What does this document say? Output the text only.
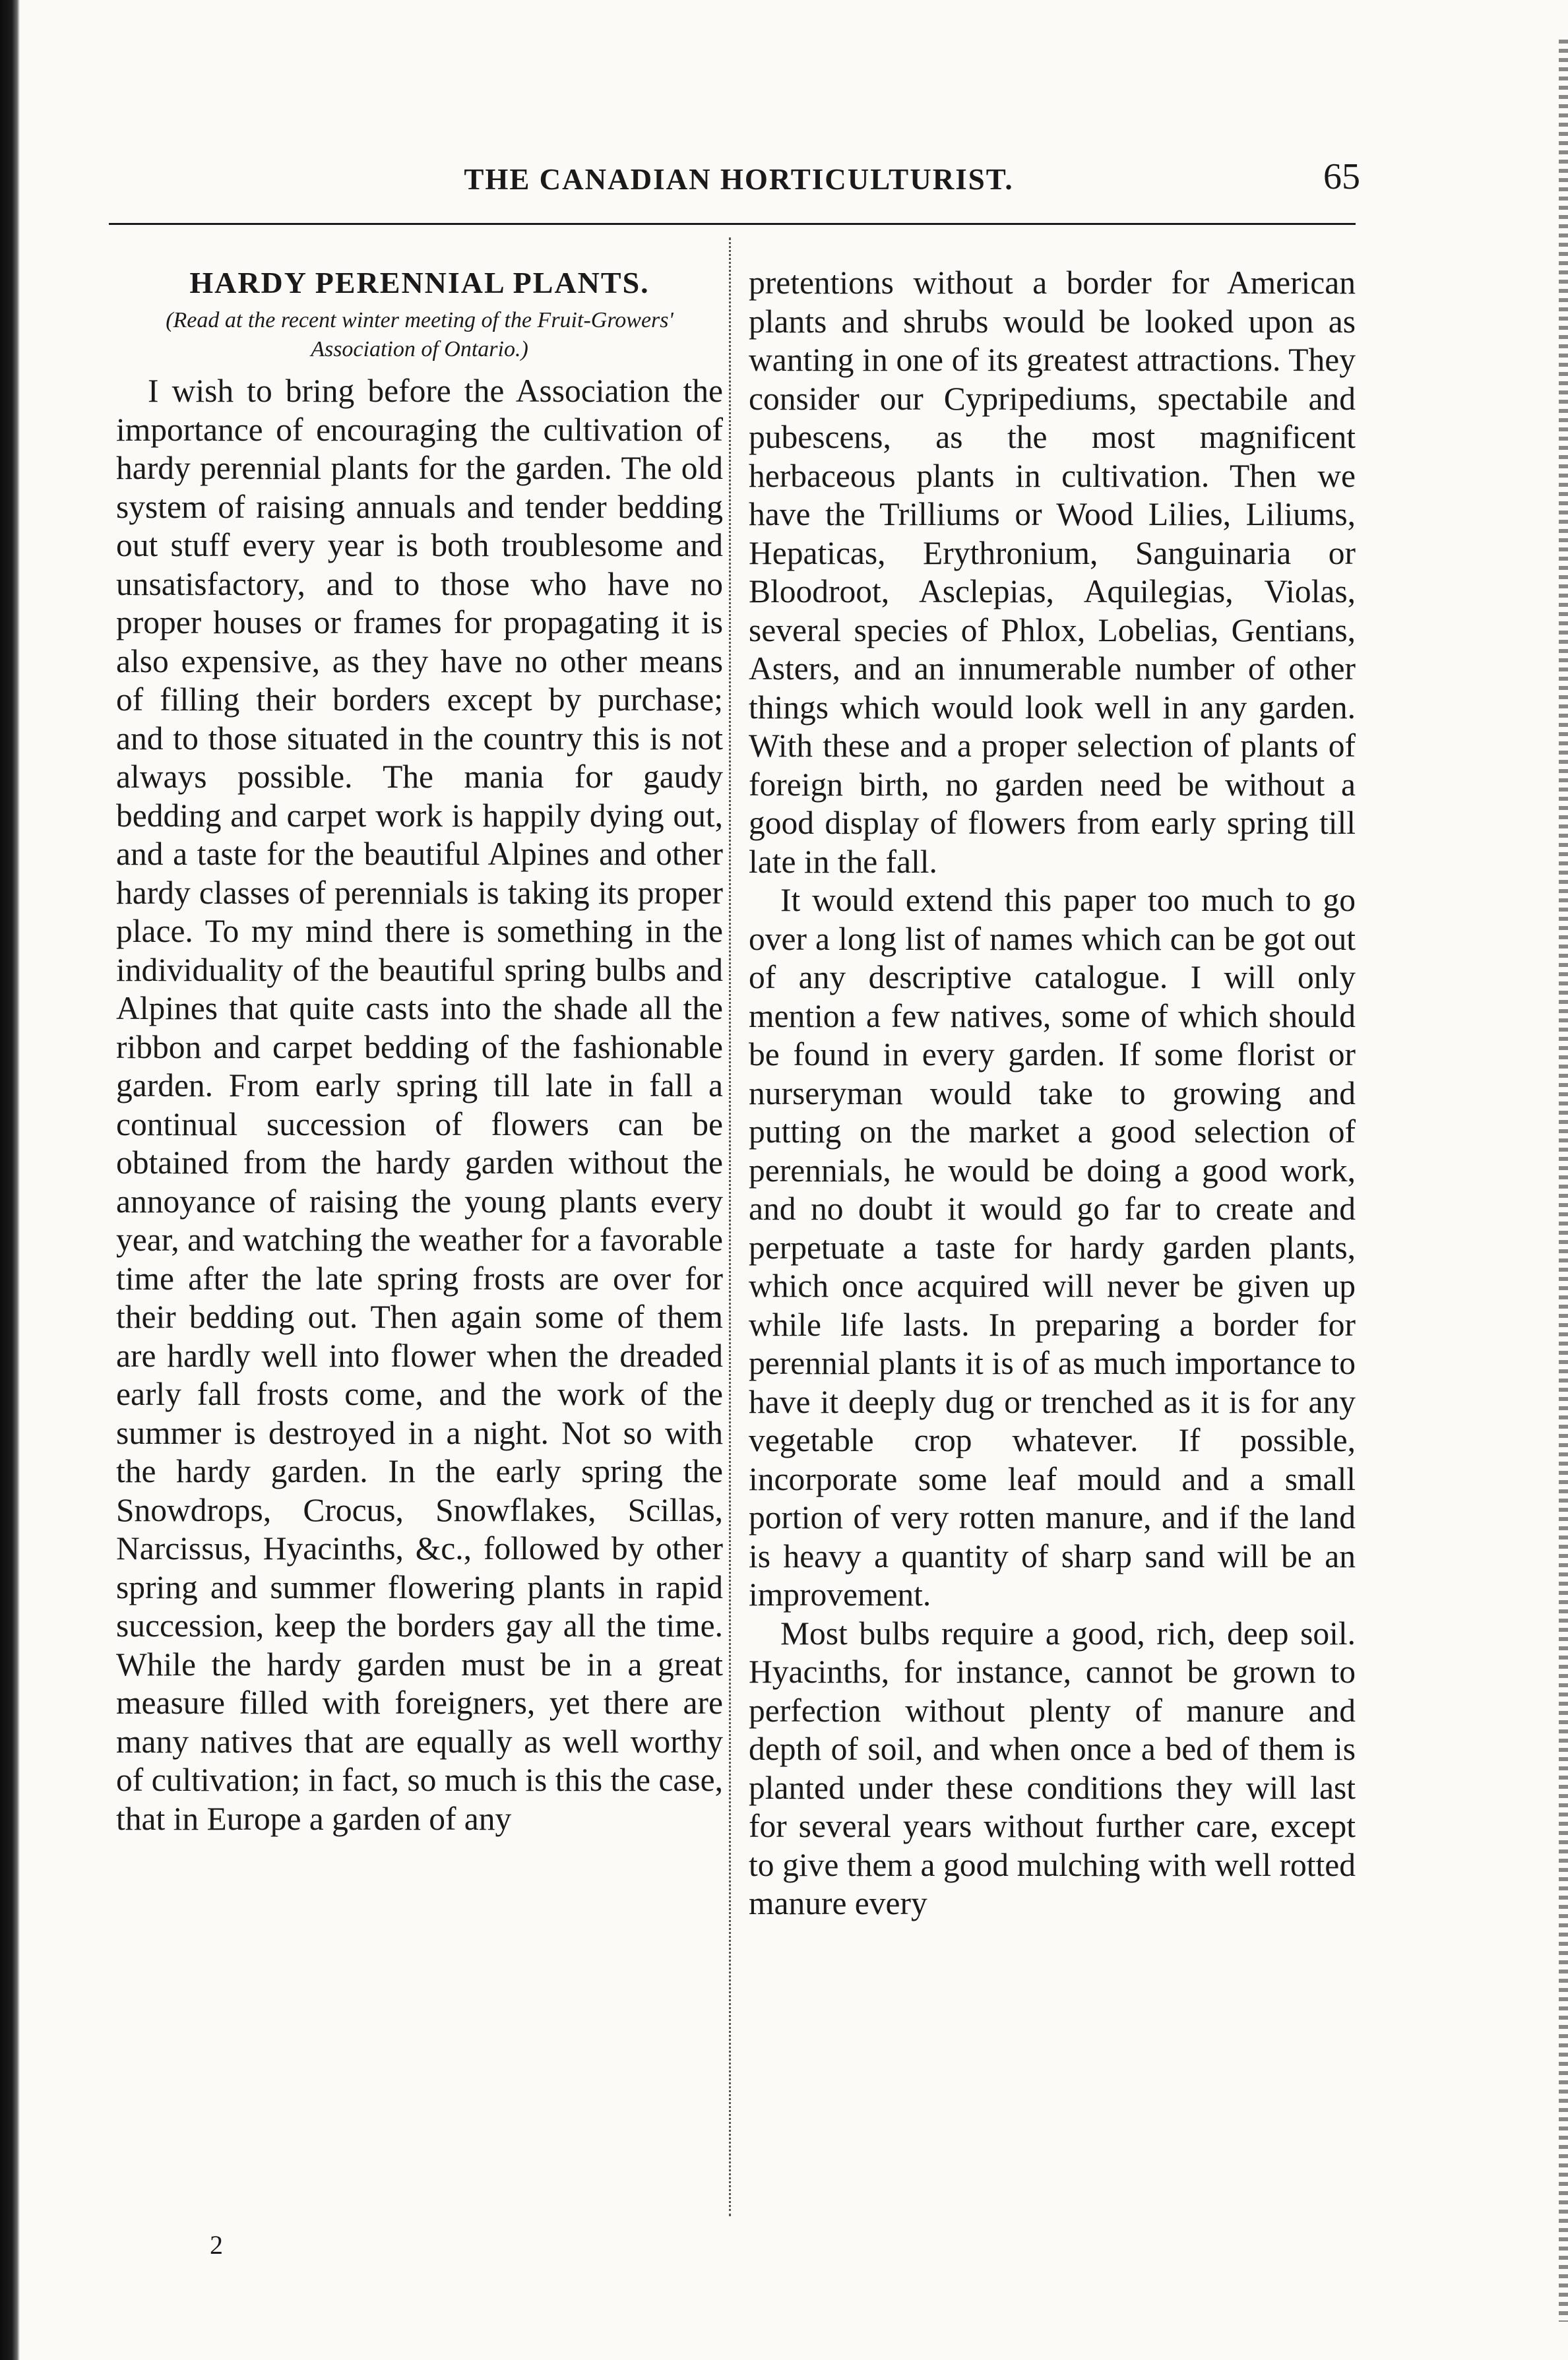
THE CANADIAN HORTICULTURIST.	65
HARDY PERENNIAL PLANTS.

(Read at the recent winter meeting of the Fruit-Growers' Association of Ontario.)

I wish to bring before the Association the importance of encouraging the cultivation of hardy perennial plants for the garden. The old system of raising annuals and tender bedding out stuff every year is both troublesome and unsatisfactory, and to those who have no proper houses or frames for propagating it is also expensive, as they have no other means of filling their borders except by purchase; and to those situated in the country this is not always possible. The mania for gaudy bedding and carpet work is happily dying out, and a taste for the beautiful Alpines and other hardy classes of perennials is taking its proper place. To my mind there is something in the individuality of the beautiful spring bulbs and Alpines that quite casts into the shade all the ribbon and carpet bedding of the fashionable garden. From early spring till late in fall a continual succession of flowers can be obtained from the hardy garden without the annoyance of raising the young plants every year, and watching the weather for a favorable time after the late spring frosts are over for their bedding out. Then again some of them are hardly well into flower when the dreaded early fall frosts come, and the work of the summer is destroyed in a night. Not so with the hardy garden. In the early spring the Snowdrops, Crocus, Snowflakes, Scillas, Narcissus, Hyacinths, &c., followed by other spring and summer flowering plants in rapid succession, keep the borders gay all the time. While the hardy garden must be in a great measure filled with foreigners, yet there are many natives that are equally as well worthy of cultivation; in fact, so much is this the case, that in Europe a garden of any

pretentions without a border for American plants and shrubs would be looked upon as wanting in one of its greatest attractions. They consider our Cypripediums, spectabile and pubescens, as the most magnificent herbaceous plants in cultivation. Then we have the Trilliums or Wood Lilies, Liliums, Hepaticas, Erythronium, Sanguinaria or Bloodroot, Asclepias, Aquilegias, Violas, several species of Phlox, Lobelias, Gentians, Asters, and an innumerable number of other things which would look well in any garden. With these and a proper selection of plants of foreign birth, no garden need be without a good display of flowers from early spring till late in the fall.

It would extend this paper too much to go over a long list of names which can be got out of any descriptive catalogue. I will only mention a few natives, some of which should be found in every garden. If some florist or nurseryman would take to growing and putting on the market a good selection of perennials, he would be doing a good work, and no doubt it would go far to create and perpetuate a taste for hardy garden plants, which once acquired will never be given up while life lasts. In preparing a border for perennial plants it is of as much importance to have it deeply dug or trenched as it is for any vegetable crop whatever. If possible, incorporate some leaf mould and a small portion of very rotten manure, and if the land is heavy a quantity of sharp sand will be an improvement.

Most bulbs require a good, rich, deep soil. Hyacinths, for instance, cannot be grown to perfection without plenty of manure and depth of soil, and when once a bed of them is planted under these conditions they will last for several years without further care, except to give them a good mulching with well rotted manure every

2
